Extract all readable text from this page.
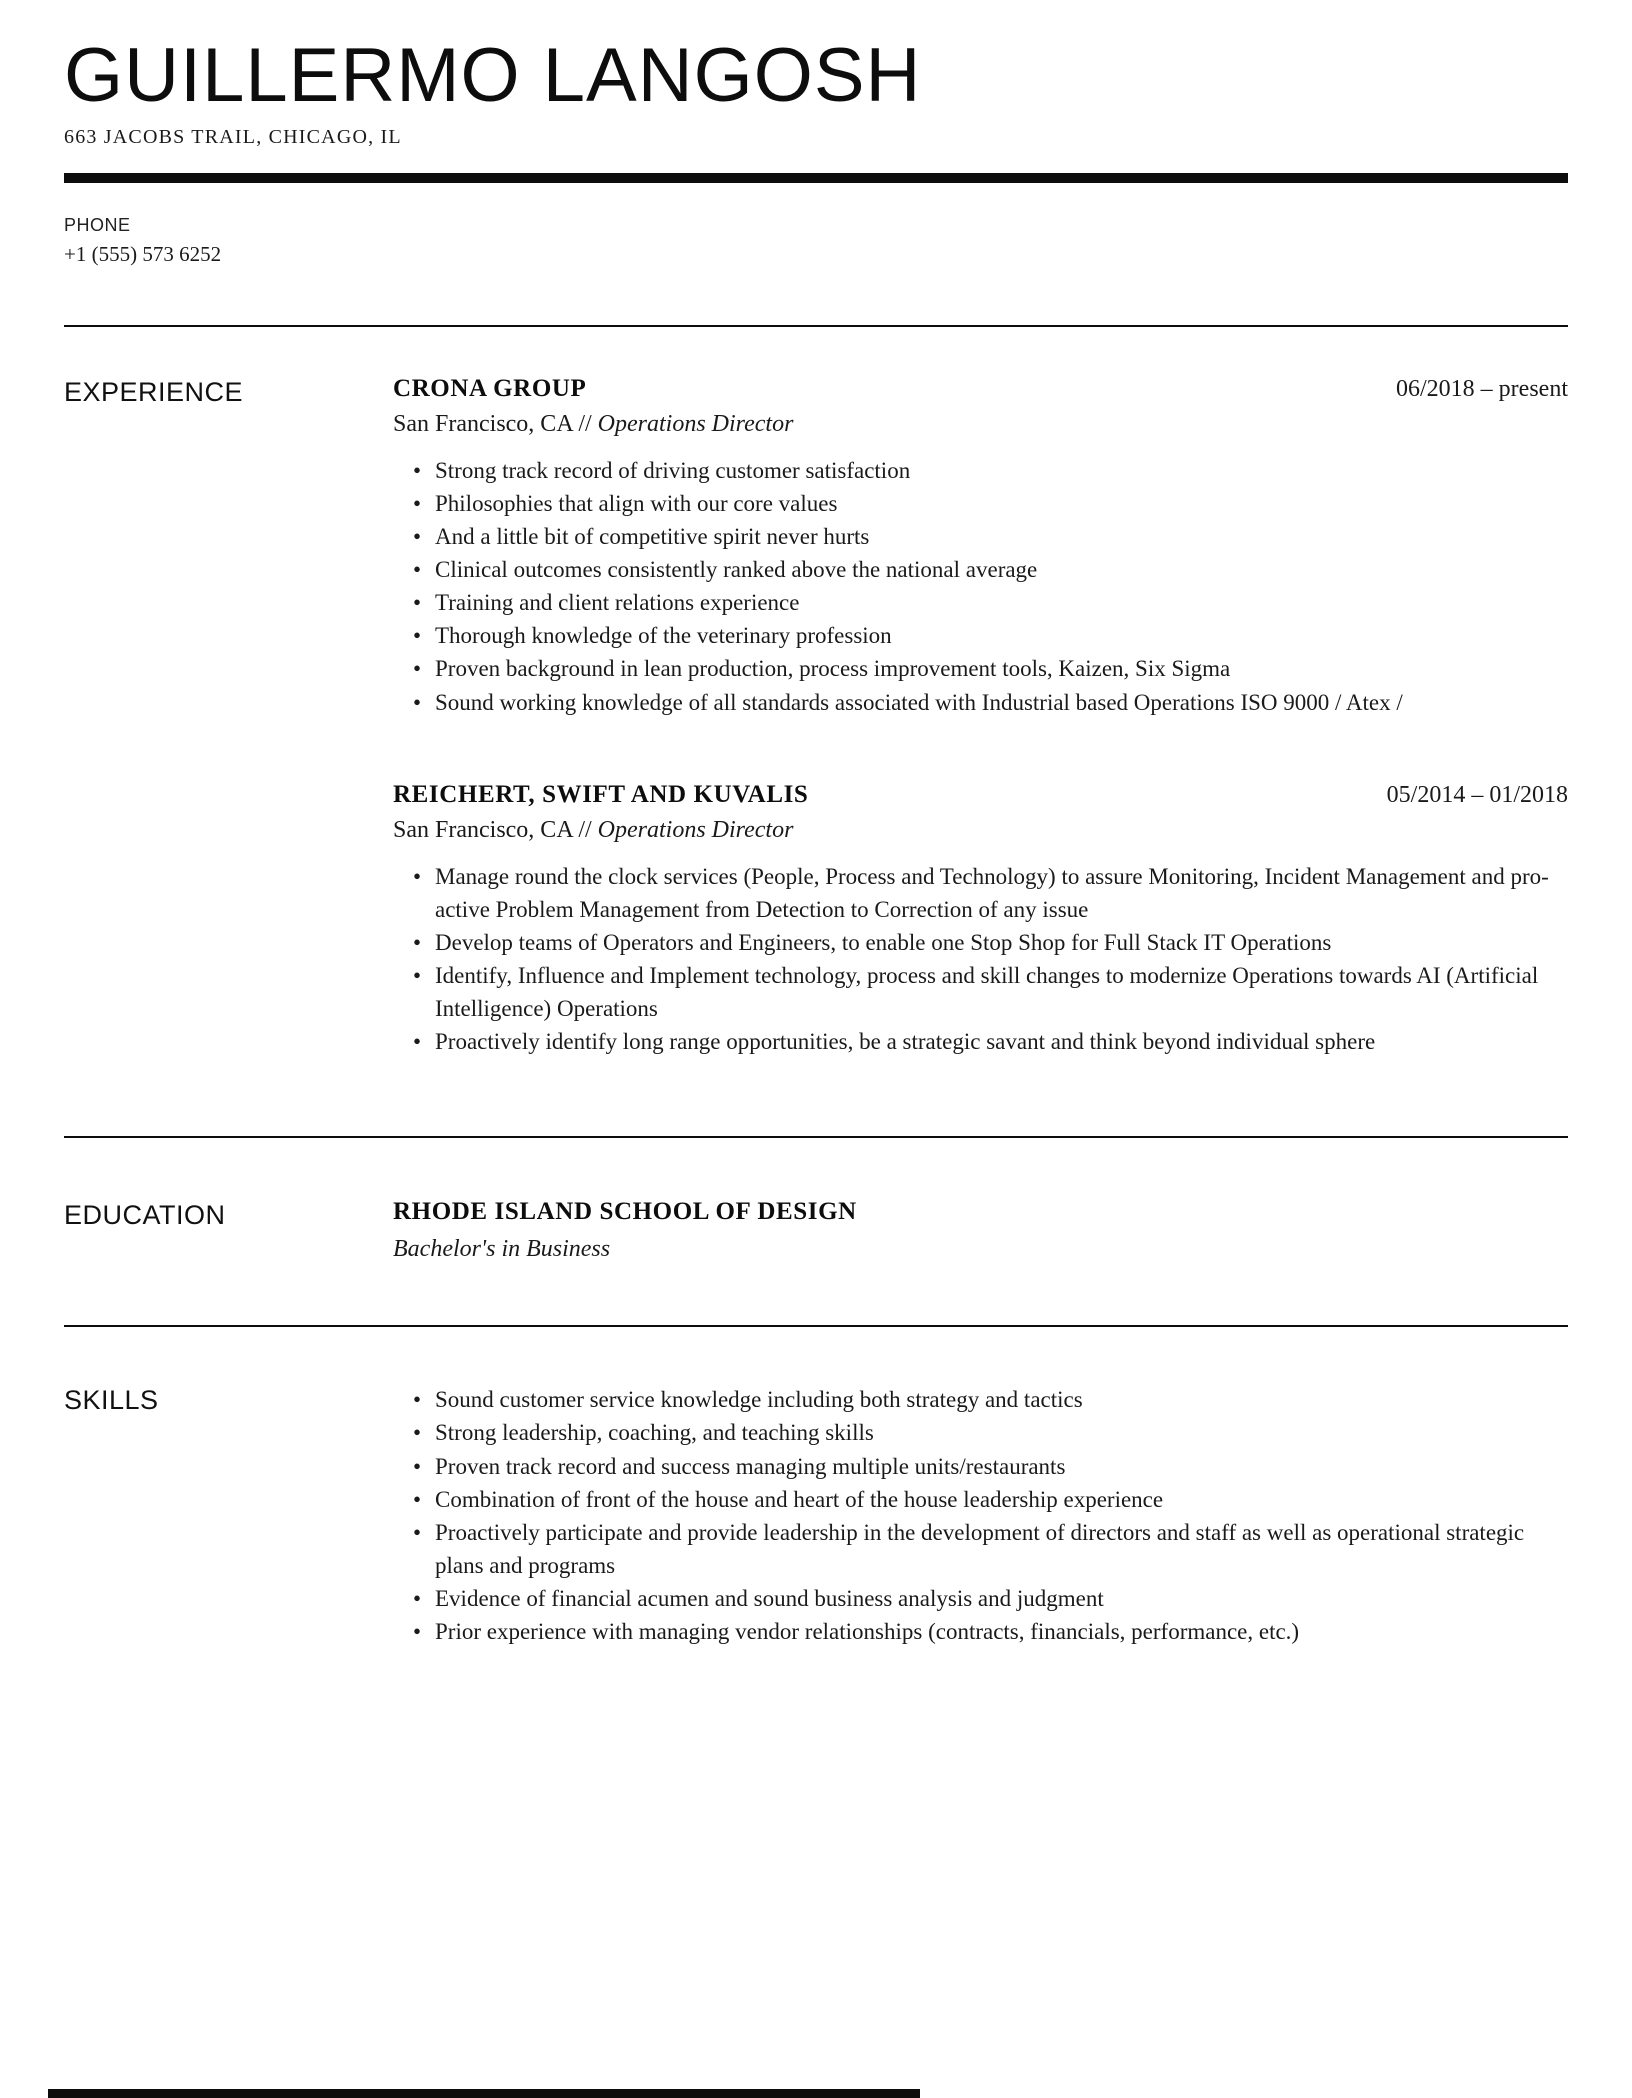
GUILLERMO LANGOSH
663 JACOBS TRAIL, CHICAGO, IL
PHONE
+1 (555) 573 6252
EXPERIENCE	CRONA GROUP	06/2018 – present
San Francisco, CA // Operations Director
• Strong track record of driving customer satisfaction
• Philosophies that align with our core values
• And a little bit of competitive spirit never hurts
• Clinical outcomes consistently ranked above the national average
• Training and client relations experience
• Thorough knowledge of the veterinary profession
• Proven background in lean production, process improvement tools, Kaizen, Six Sigma
• Sound working knowledge of all standards associated with Industrial based Operations ISO 9000 / Atex /
REICHERT, SWIFT AND KUVALIS	05/2014 – 01/2018
San Francisco, CA // Operations Director
• Manage round the clock services (People, Process and Technology) to assure Monitoring, Incident Management and pro-active Problem Management from Detection to Correction of any issue
• Develop teams of Operators and Engineers, to enable one Stop Shop for Full Stack IT Operations
• Identify, Influence and Implement technology, process and skill changes to modernize Operations towards AI (Artificial Intelligence) Operations
• Proactively identify long range opportunities, be a strategic savant and think beyond individual sphere
EDUCATION	RHODE ISLAND SCHOOL OF DESIGN
Bachelor's in Business
SKILLS	• Sound customer service knowledge including both strategy and tactics
• Strong leadership, coaching, and teaching skills
• Proven track record and success managing multiple units/restaurants
• Combination of front of the house and heart of the house leadership experience
• Proactively participate and provide leadership in the development of directors and staff as well as operational strategic plans and programs
• Evidence of financial acumen and sound business analysis and judgment
• Prior experience with managing vendor relationships (contracts, financials, performance, etc.)
